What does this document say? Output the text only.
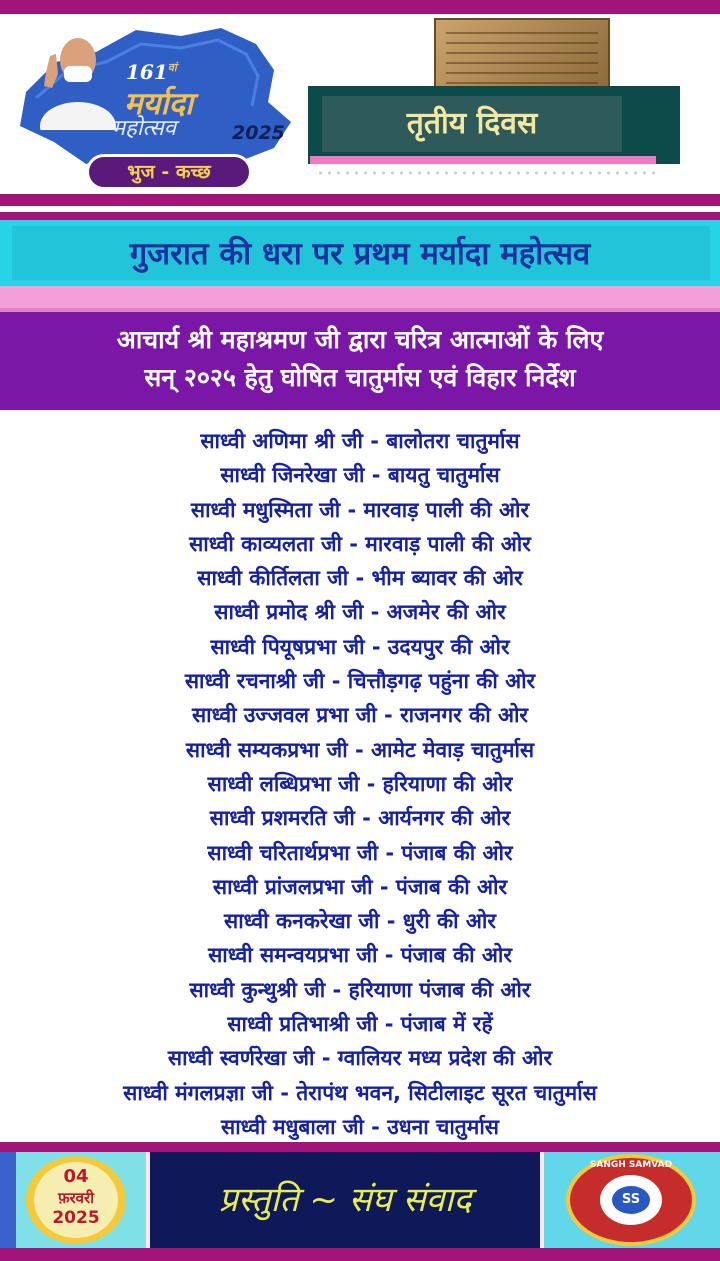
$161^{वां}$
मर्यादा
महोत्सव	2025
भुज - कच्छ
तृतीय दिवस
गुजरात की धरा पर प्रथम मर्यादा महोत्सव
आचार्य श्री महाश्रमण जी द्वारा चरित्र आत्माओं के लिए
सन् २०२५ हेतु घोषित चातुर्मास एवं विहार निर्देश
साध्वी अणिमा श्री जी - बालोतरा चातुर्मास
साध्वी जिनरेखा जी - बायतु चातुर्मास
साध्वी मधुस्मिता जी - मारवाड़ पाली की ओर
साध्वी काव्यलता जी - मारवाड़ पाली की ओर
साध्वी कीर्तिलता जी - भीम ब्यावर की ओर
साध्वी प्रमोद श्री जी - अजमेर की ओर
साध्वी पियूषप्रभा जी - उदयपुर की ओर
साध्वी रचनाश्री जी - चित्तौड़गढ़ पहुंना की ओर
साध्वी उज्जवल प्रभा जी - राजनगर की ओर
साध्वी सम्यकप्रभा जी - आमेट मेवाड़ चातुर्मास
साध्वी लब्धिप्रभा जी - हरियाणा की ओर
साध्वी प्रशमरति जी - आर्यनगर की ओर
साध्वी चरितार्थप्रभा जी - पंजाब की ओर
साध्वी प्रांजलप्रभा जी - पंजाब की ओर
साध्वी कनकरेखा जी - धुरी की ओर
साध्वी समन्वयप्रभा जी - पंजाब की ओर
साध्वी कुन्थुश्री जी - हरियाणा पंजाब की ओर
साध्वी प्रतिभाश्री जी - पंजाब में रहें
साध्वी स्वर्णरेखा जी - ग्वालियर मध्य प्रदेश की ओर
साध्वी मंगलप्रज्ञा जी - तेरापंथ भवन, सिटीलाइट सूरत चातुर्मास
साध्वी मधुबाला जी - उधना चातुर्मास
04
फ़रवरी
2025	प्रस्तुति ~ संघ संवाद
SANGH SAMVAD
SS
